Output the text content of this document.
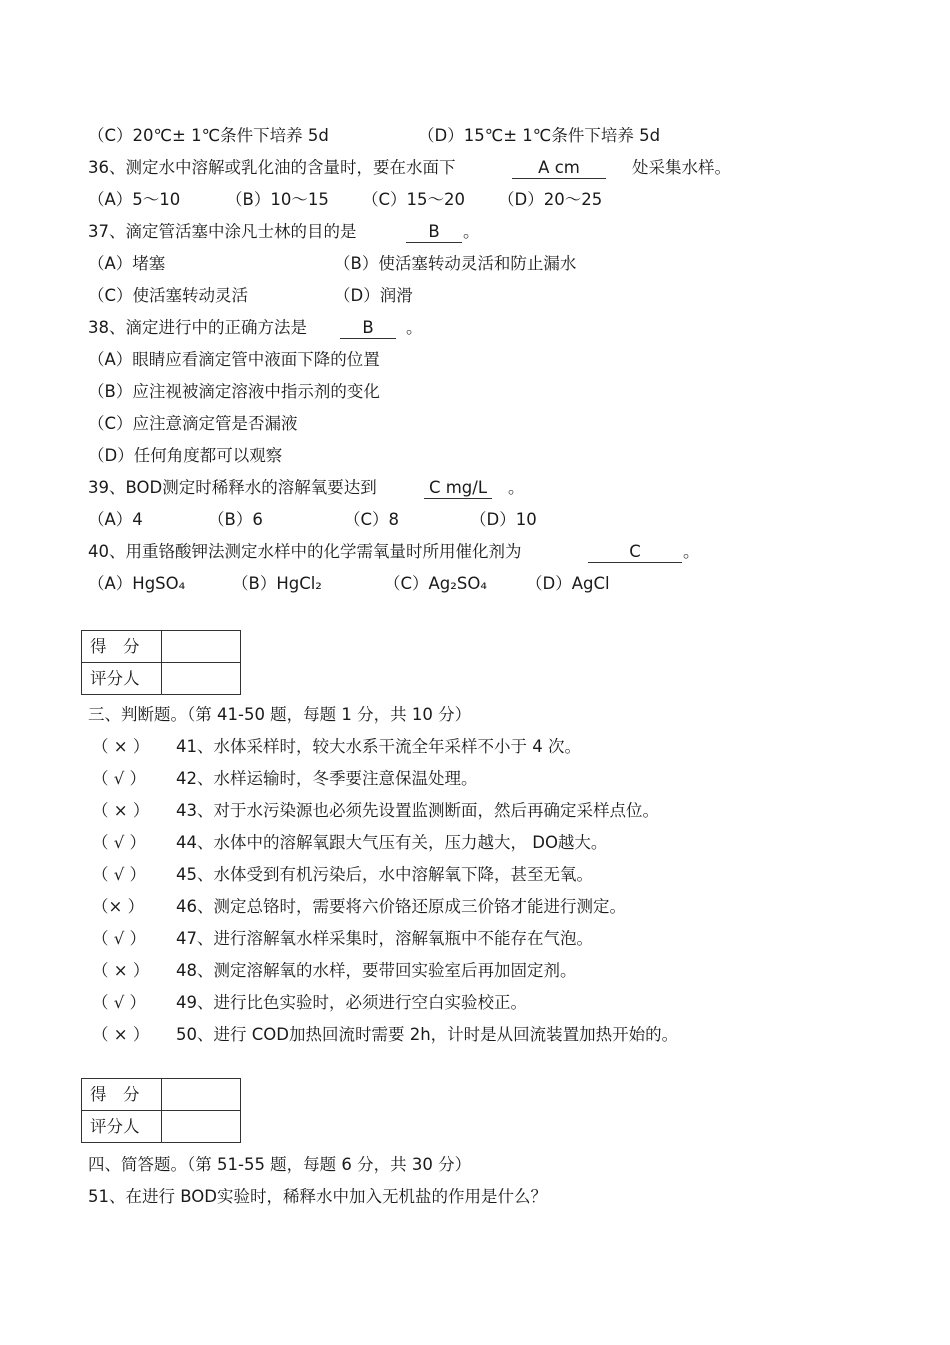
（C）20℃± 1℃条件下培养 5d	（D）15℃± 1℃条件下培养 5d
36、测定水中溶解或乳化油的含量时，要在水面下	A cm	处采集水样。
（A）5～10	（B）10～15 （C）15～20 （D）20～25
37、滴定管活塞中涂凡士林的目的是	B	。
（A）堵塞	（B）使活塞转动灵活和防止漏水
（C）使活塞转动灵活	（D）润滑
38、滴定进行中的正确方法是	B	。
（A）眼睛应看滴定管中液面下降的位置
（B）应注视被滴定溶液中指示剂的变化
（C）应注意滴定管是否漏液
（D）任何角度都可以观察
39、BOD测定时稀释水的溶解氧要达到	C mg/L	。
（A）4	（B）6	（C）8	（D）10
40、用重铬酸钾法测定水样中的化学需氧量时所用催化剂为	C	。
（A）HgSO₄	（B）HgCl₂	（C）Ag₂SO₄ （D）AgCl
得　分	
评分人	
三、判断题。（第 41-50 题，每题 1 分，共 10 分）
（ × ） 41、水体采样时，较大水系干流全年采样不小于 4 次。
（ √ ） 42、水样运输时，冬季要注意保温处理。
（ × ） 43、对于水污染源也必须先设置监测断面，然后再确定采样点位。
（ √ ） 44、水体中的溶解氧跟大气压有关，压力越大， DO越大。
（ √ ） 45、水体受到有机污染后，水中溶解氧下降，甚至无氧。
（× ） 46、测定总铬时，需要将六价铬还原成三价铬才能进行测定。
（ √ ） 47、进行溶解氧水样采集时，溶解氧瓶中不能存在气泡。
（ × ） 48、测定溶解氧的水样，要带回实验室后再加固定剂。
（ √ ） 49、进行比色实验时，必须进行空白实验校正。
（ × ） 50、进行 COD加热回流时需要 2h，计时是从回流装置加热开始的。
得　分	
评分人	
四、简答题。（第 51-55 题，每题 6 分，共 30 分）
51、在进行 BOD实验时，稀释水中加入无机盐的作用是什么？
